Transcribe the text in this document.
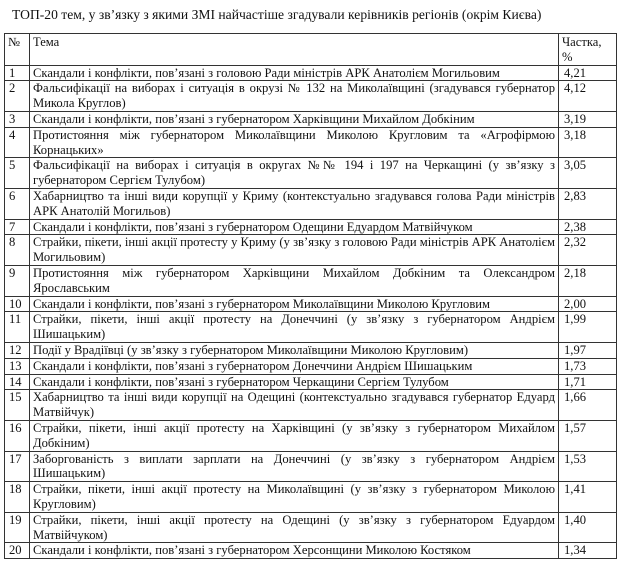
ТОП-20 тем, у зв’язку з якими ЗМІ найчастіше згадували керівників регіонів (окрім Києва)
№	Тема	Частка, %
1	Скандали і конфлікти, пов’язані з головою Ради міністрів АРК Анатолієм Могильовим	4,21
2	Фальсифікації на виборах і ситуація в окрузі № 132 на Миколаївщині (згадувався губернатор Микола Круглов)	4,12
3	Скандали і конфлікти, пов’язані з губернатором Харківщини Михайлом Добкіним	3,19
4	Протистояння між губернатором Миколаївщини Миколою Кругловим та «Агрофірмою Корнацьких»	3,18
5	Фальсифікації на виборах і ситуація в округах №№ 194 і 197 на Черкащині (у зв’язку з губернатором Сергієм Тулубом)	3,05
6	Хабарництво та інші види корупції у Криму (контекстуально згадувався голова Ради міністрів АРК Анатолій Могильов)	2,83
7	Скандали і конфлікти, пов’язані з губернатором Одещини Едуардом Матвійчуком	2,38
8	Страйки, пікети, інші акції протесту у Криму (у зв’язку з головою Ради міністрів АРК Анатолієм Могильовим)	2,32
9	Протистояння між губернатором Харківщини Михайлом Добкіним та Олександром Ярославським	2,18
10	Скандали і конфлікти, пов’язані з губернатором Миколаївщини Миколою Кругловим	2,00
11	Страйки, пікети, інші акції протесту на Донеччині (у зв’язку з губернатором Андрієм Шишацьким)	1,99
12	Події у Врадіївці (у зв’язку з губернатором Миколаївщини Миколою Кругловим)	1,97
13	Скандали і конфлікти, пов’язані з губернатором Донеччини Андрієм Шишацьким	1,73
14	Скандали і конфлікти, пов’язані з губернатором Черкащини Сергієм Тулубом	1,71
15	Хабарництво та інші види корупції на Одещині (контекстуально згадувався губернатор Едуард Матвійчук)	1,66
16	Страйки, пікети, інші акції протесту на Харківщині (у зв’язку з губернатором Михайлом Добкіним)	1,57
17	Заборгованість з виплати зарплати на Донеччині (у зв’язку з губернатором Андрієм Шишацьким)	1,53
18	Страйки, пікети, інші акції протесту на Миколаївщині (у зв’язку з губернатором Миколою Кругловим)	1,41
19	Страйки, пікети, інші акції протесту на Одещині (у зв’язку з губернатором Едуардом Матвійчуком)	1,40
20	Скандали і конфлікти, пов’язані з губернатором Херсонщини Миколою Костяком	1,34
